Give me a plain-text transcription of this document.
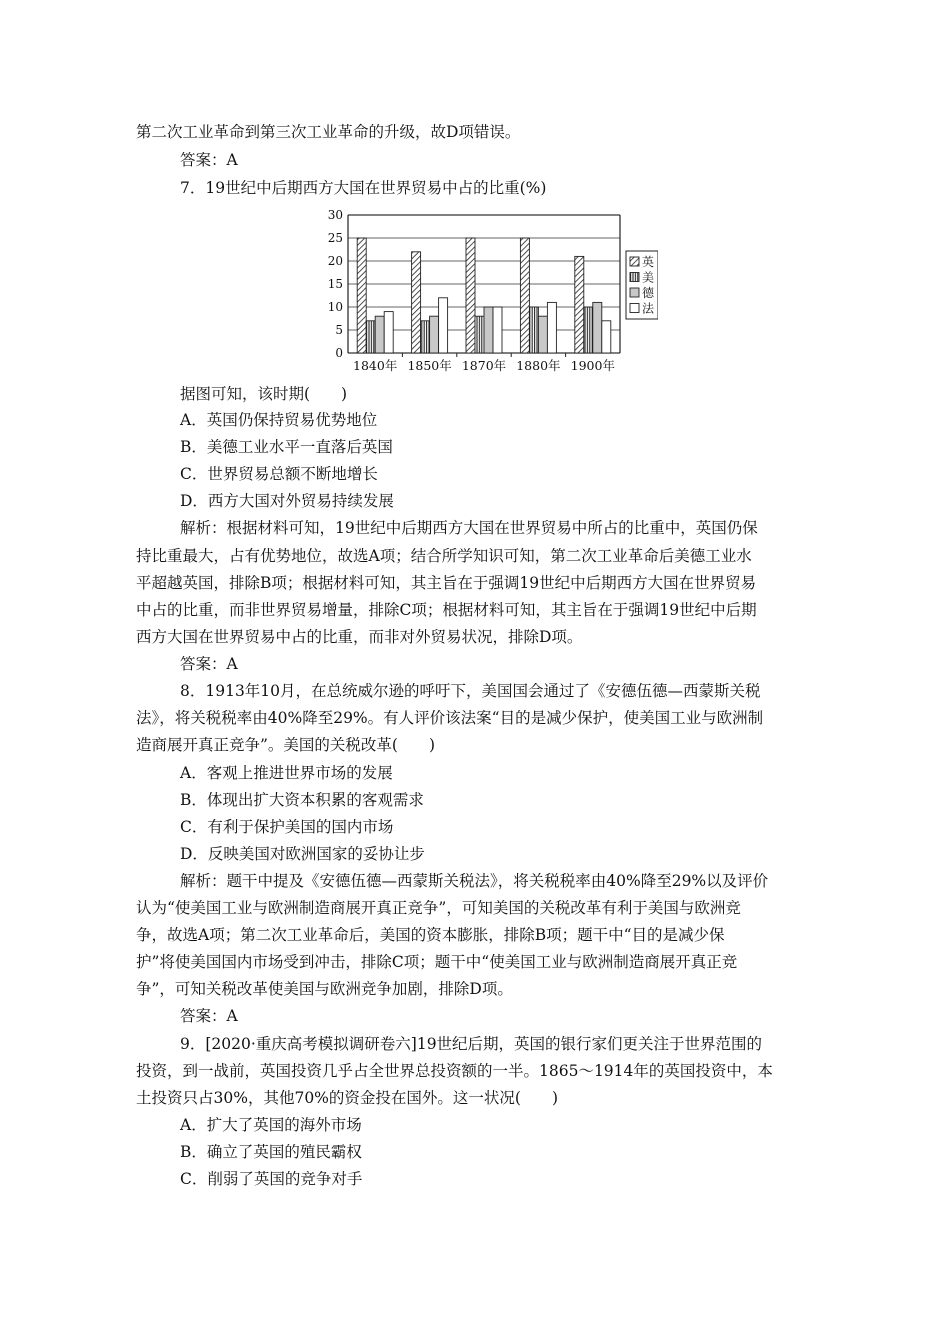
第二次工业革命到第三次工业革命的升级，故D项错误。
答案：A
7．19世纪中后期西方大国在世界贸易中占的比重(%)
0
5
10
15
20
25
30
1840年 1850年 1870年 1880年 1900年
英
美
德
法
据图可知，该时期(　　)
A．英国仍保持贸易优势地位
B．美德工业水平一直落后英国
C．世界贸易总额不断地增长
D．西方大国对外贸易持续发展
解析：根据材料可知，19世纪中后期西方大国在世界贸易中所占的比重中，英国仍保
持比重最大，占有优势地位，故选A项；结合所学知识可知，第二次工业革命后美德工业水
平超越英国，排除B项；根据材料可知，其主旨在于强调19世纪中后期西方大国在世界贸易
中占的比重，而非世界贸易增量，排除C项；根据材料可知，其主旨在于强调19世纪中后期
西方大国在世界贸易中占的比重，而非对外贸易状况，排除D项。
答案：A
8．1913年10月，在总统威尔逊的呼吁下，美国国会通过了《安德伍德—西蒙斯关税
法》，将关税税率由40%降至29%。有人评价该法案“目的是减少保护，使美国工业与欧洲制
造商展开真正竞争”。美国的关税改革(　　)
A．客观上推进世界市场的发展
B．体现出扩大资本积累的客观需求
C．有利于保护美国的国内市场
D．反映美国对欧洲国家的妥协让步
解析：题干中提及《安德伍德—西蒙斯关税法》，将关税税率由40%降至29%以及评价
认为“使美国工业与欧洲制造商展开真正竞争”，可知美国的关税改革有利于美国与欧洲竞
争，故选A项；第二次工业革命后，美国的资本膨胀，排除B项；题干中“目的是减少保
护”将使美国国内市场受到冲击，排除C项；题干中“使美国工业与欧洲制造商展开真正竞
争”，可知关税改革使美国与欧洲竞争加剧，排除D项。
答案：A
9．[2020·重庆高考模拟调研卷六]19世纪后期，英国的银行家们更关注于世界范围的
投资，到一战前，英国投资几乎占全世界总投资额的一半。1865～1914年的英国投资中，本
土投资只占30%，其他70%的资金投在国外。这一状况(　　)
A．扩大了英国的海外市场
B．确立了英国的殖民霸权
C．削弱了英国的竞争对手
